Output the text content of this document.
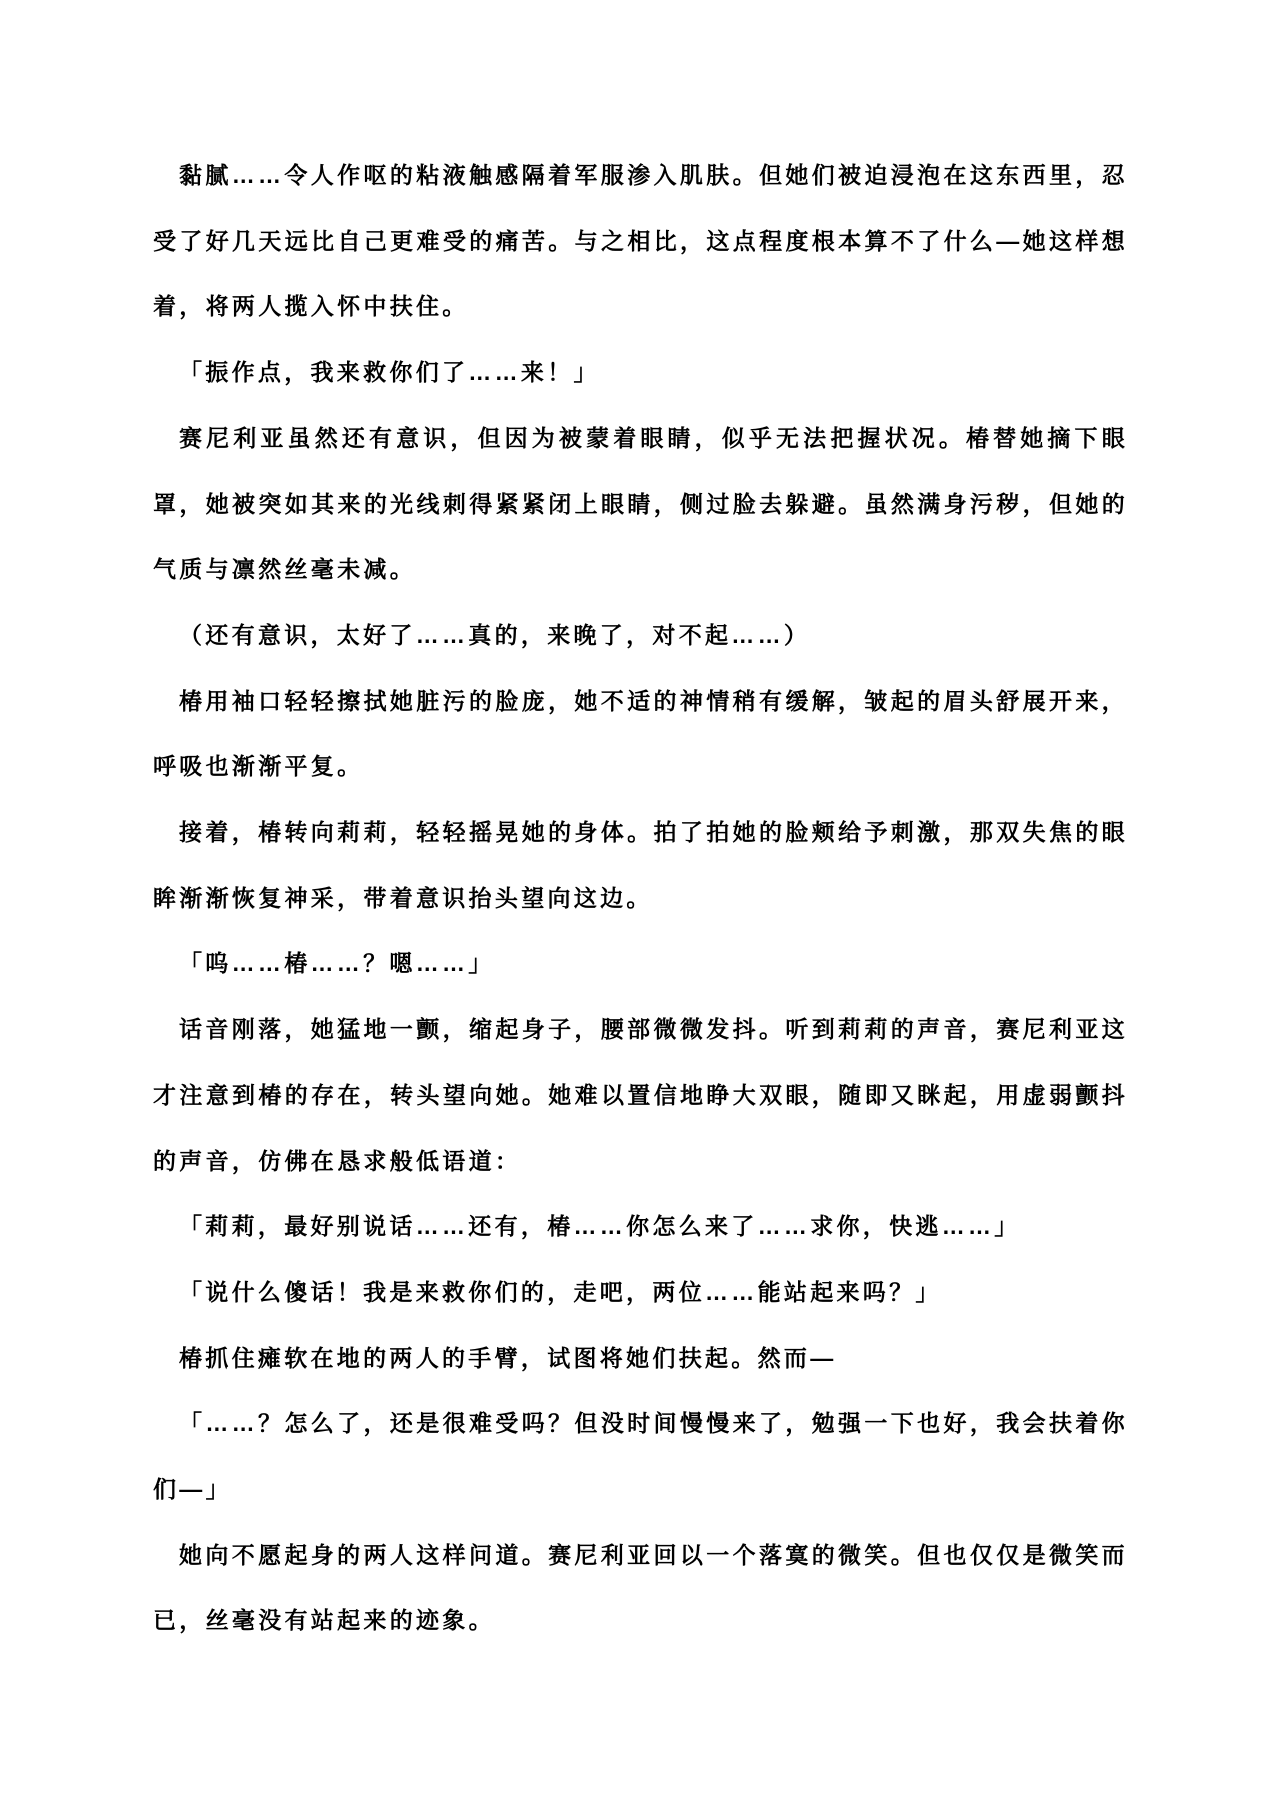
黏腻……令人作呕的粘液触感隔着军服渗入肌肤。但她们被迫浸泡在这东西里，忍受了好几天远比自己更难受的痛苦。与之相比，这点程度根本算不了什么—她这样想着，将两人揽入怀中扶住。

「振作点，我来救你们了……来！」

赛尼利亚虽然还有意识，但因为被蒙着眼睛，似乎无法把握状况。椿替她摘下眼罩，她被突如其来的光线刺得紧紧闭上眼睛，侧过脸去躲避。虽然满身污秽，但她的气质与凛然丝毫未减。

（还有意识，太好了……真的，来晚了，对不起……）

椿用袖口轻轻擦拭她脏污的脸庞，她不适的神情稍有缓解，皱起的眉头舒展开来，呼吸也渐渐平复。

接着，椿转向莉莉，轻轻摇晃她的身体。拍了拍她的脸颊给予刺激，那双失焦的眼眸渐渐恢复神采，带着意识抬头望向这边。

「呜……椿……？嗯……」

话音刚落，她猛地一颤，缩起身子，腰部微微发抖。听到莉莉的声音，赛尼利亚这才注意到椿的存在，转头望向她。她难以置信地睁大双眼，随即又眯起，用虚弱颤抖的声音，仿佛在恳求般低语道：

「莉莉，最好别说话……还有，椿……你怎么来了……求你，快逃……」

「说什么傻话！我是来救你们的，走吧，两位……能站起来吗？」

椿抓住瘫软在地的两人的手臂，试图将她们扶起。然而—

「……？怎么了，还是很难受吗？但没时间慢慢来了，勉强一下也好，我会扶着你们—」

她向不愿起身的两人这样问道。赛尼利亚回以一个落寞的微笑。但也仅仅是微笑而已，丝毫没有站起来的迹象。
